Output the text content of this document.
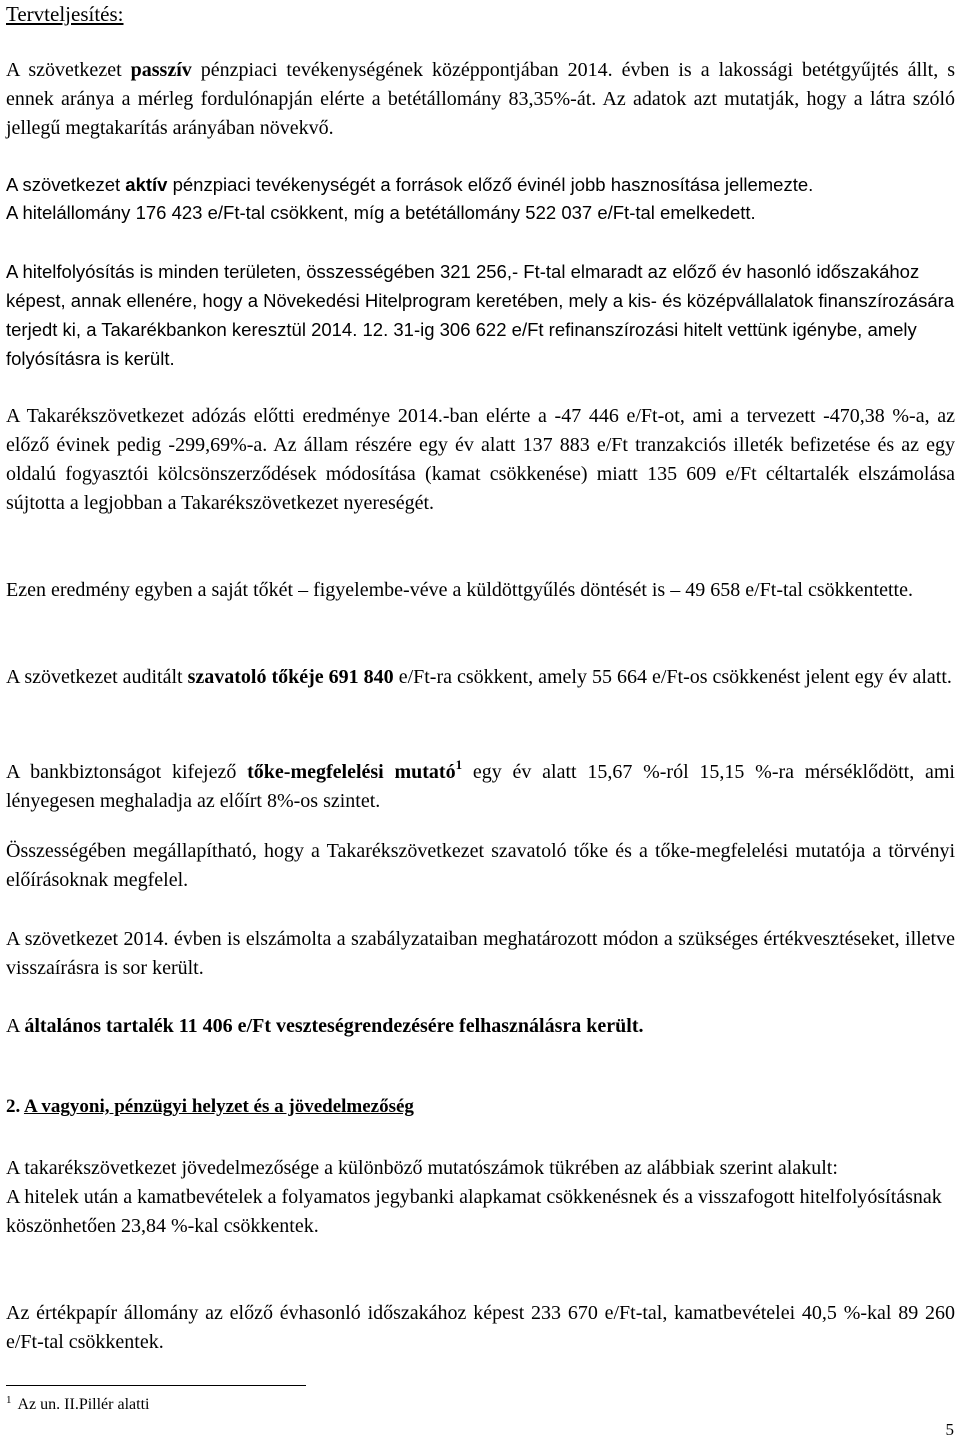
Tervteljesítés:

A szövetkezet passzív pénzpiaci tevékenységének középpontjában 2014. évben is a lakossági betétgyűjtés állt, s ennek aránya a mérleg fordulónapján elérte a betétállomány 83,35%-át. Az adatok azt mutatják, hogy a látra szóló jellegű megtakarítás arányában növekvő.

A szövetkezet aktív pénzpiaci tevékenységét a források előző évinél jobb hasznosítása jellemezte.

A hitelállomány 176 423 e/Ft-tal csökkent, míg a betétállomány 522 037 e/Ft-tal emelkedett.

A hitelfolyósítás is minden területen, összességében 321 256,- Ft-tal elmaradt az előző év hasonló időszakához képest, annak ellenére, hogy a Növekedési Hitelprogram keretében, mely a kis- és középvállalatok finanszírozására terjedt ki, a Takarékbankon keresztül 2014. 12. 31-ig 306 622 e/Ft refinanszírozási hitelt vettünk igénybe, amely folyósításra is került.

A Takarékszövetkezet adózás előtti eredménye 2014.-ban elérte a -47 446 e/Ft-ot, ami a tervezett -470,38 %-a, az előző évinek pedig -299,69%-a. Az állam részére egy év alatt 137 883 e/Ft tranzakciós illeték befizetése és az egy oldalú fogyasztói kölcsönszerződések módosítása (kamat csökkenése) miatt 135 609 e/Ft céltartalék elszámolása sújtotta a legjobban a Takarékszövetkezet nyereségét.

Ezen eredmény egyben a saját tőkét – figyelembe-véve a küldöttgyűlés döntését is – 49 658 e/Ft-tal csökkentette.

A szövetkezet auditált szavatoló tőkéje 691 840 e/Ft-ra csökkent, amely 55 664 e/Ft-os csökkenést jelent egy év alatt.

A bankbiztonságot kifejező tőke-megfelelési mutató$^1$ egy év alatt 15,67 %-ról 15,15 %-ra mérséklődött, ami lényegesen meghaladja az előírt 8%-os szintet.

Összességében megállapítható, hogy a Takarékszövetkezet szavatoló tőke és a tőke-megfelelési mutatója a törvényi előírásoknak megfelel.

A szövetkezet 2014. évben is elszámolta a szabályzataiban meghatározott módon a szükséges értékvesztéseket, illetve visszaírásra is sor került.

A általános tartalék 11 406 e/Ft veszteségrendezésére felhasználásra került.

2. A vagyoni, pénzügyi helyzet és a jövedelmezőség

A takarékszövetkezet jövedelmezősége a különböző mutatószámok tükrében az alábbiak szerint alakult:

A hitelek után a kamatbevételek a folyamatos jegybanki alapkamat csökkenésnek és a visszafogott hitelfolyósításnak köszönhetően 23,84 %-kal csökkentek.

Az értékpapír állomány az előző évhasonló időszakához képest 233 670 e/Ft-tal, kamatbevételei 40,5 %-kal 89 260 e/Ft-tal csökkentek.

$^1$ Az un. II.Pillér alatti
5
